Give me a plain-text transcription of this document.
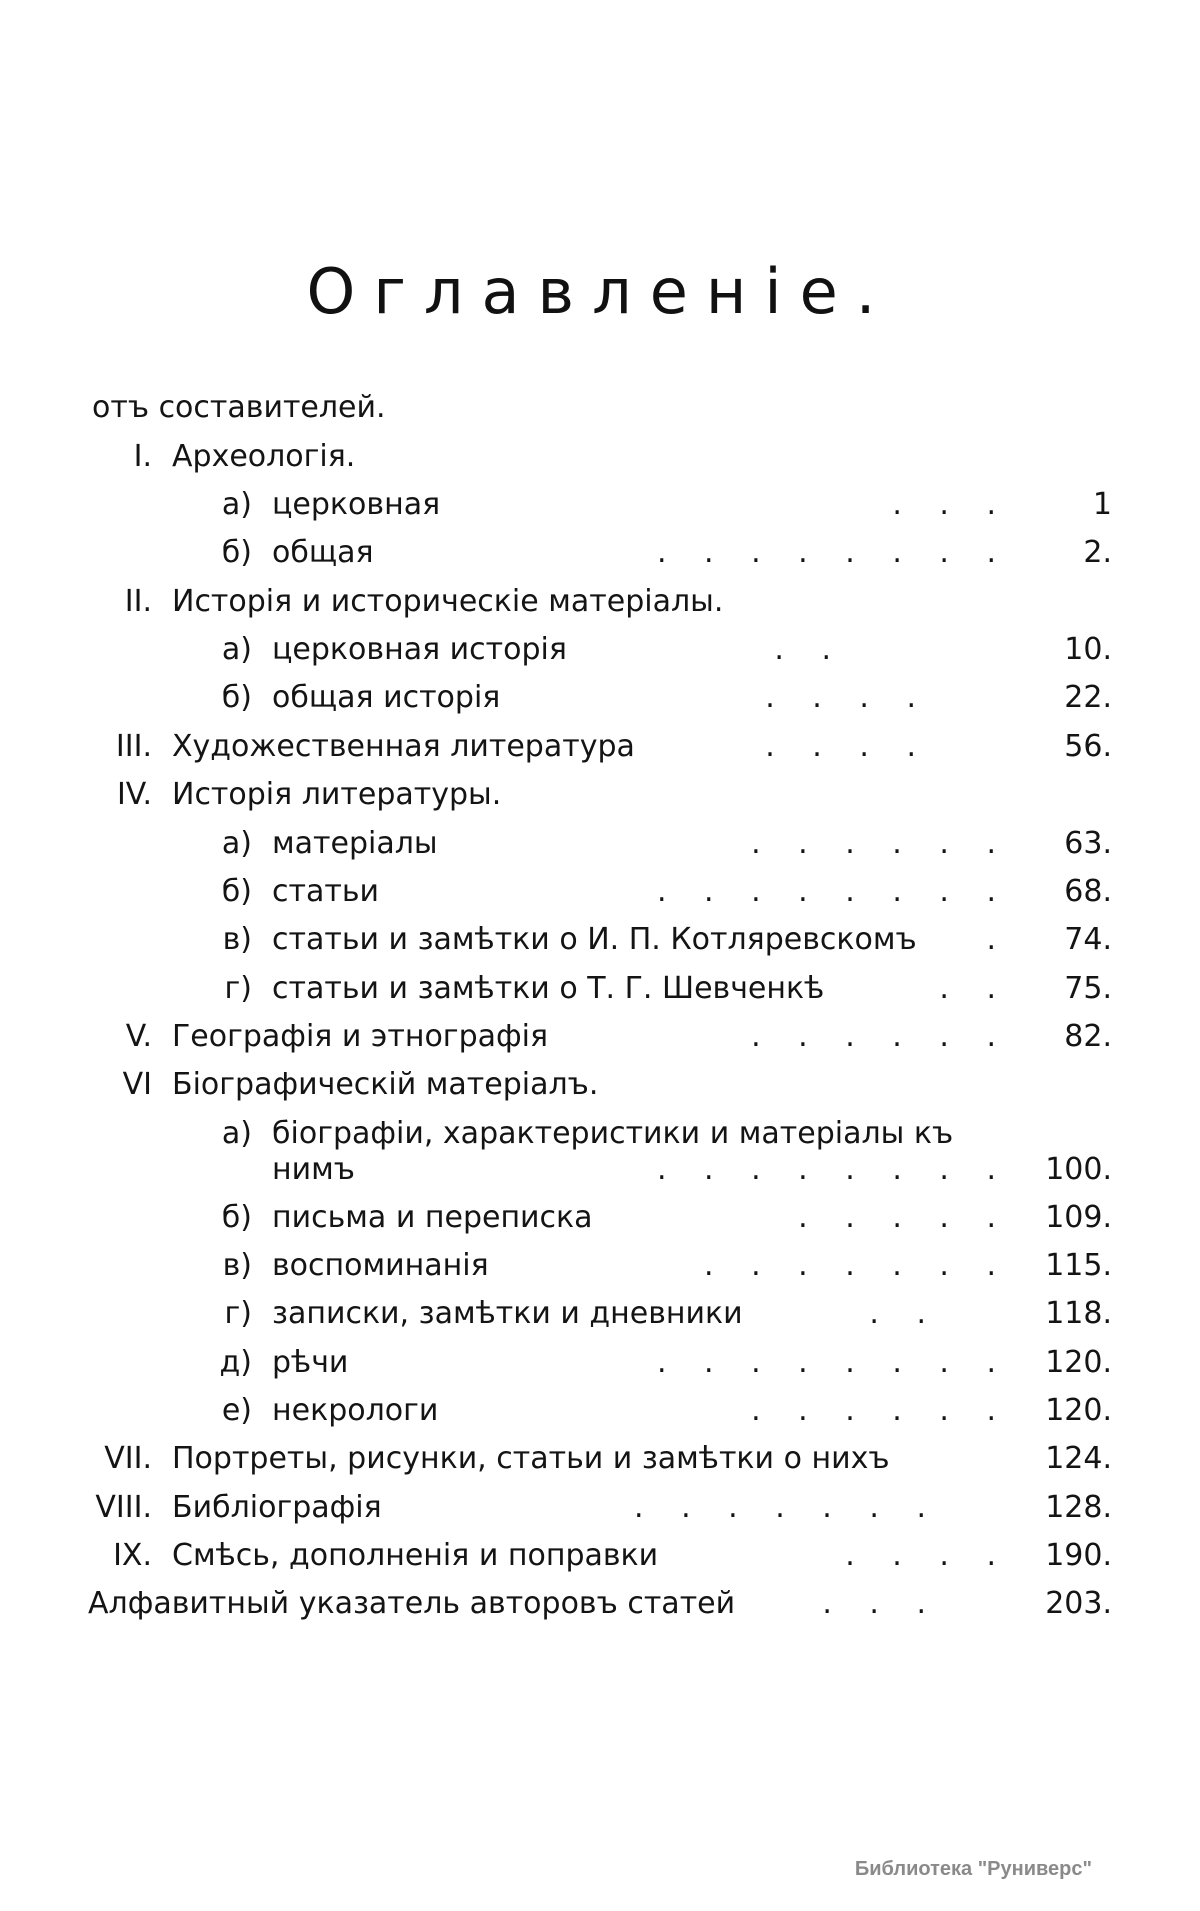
Оглавленіе.
отъ составителей.
I. Археологія.
а) церковная	. . .	1
б) общая	. . . . . . . .	2.
II. Исторія и историческіе матеріалы.
а) церковная исторія	. .	10.
б) общая исторія	. . . .	22.
III. Художественная литература	. . . .	56.
IV. Исторія литературы.
а) матеріалы	. . . . . .	63.
б) статьи	. . . . . . . .	68.
в) статьи и замѣтки о И. П. Котляревскомъ	.	74.
г) статьи и замѣтки о Т. Г. Шевченкѣ	. .	75.
V. Географія и этнографія	. . . . . .	82.
VI Біографическій матеріалъ.
а) біографіи, характеристики и матеріалы къ
нимъ	. . . . . . . .	100.
б) письма и переписка	. . . . .	109.
в) воспоминанія	. . . . . . .	115.
г) записки, замѣтки и дневники	. .	118.
д) рѣчи	. . . . . . . .	120.
е) некрологи	. . . . . .	120.
VII. Портреты, рисунки, статьи и замѣтки о нихъ	124.
VIII. Библіографія	. . . . . . .	128.
IX. Смѣсь, дополненія и поправки	. . . .	190.
Алфавитный указатель авторовъ статей	. . .	203.
Библиотека "Руниверс"
